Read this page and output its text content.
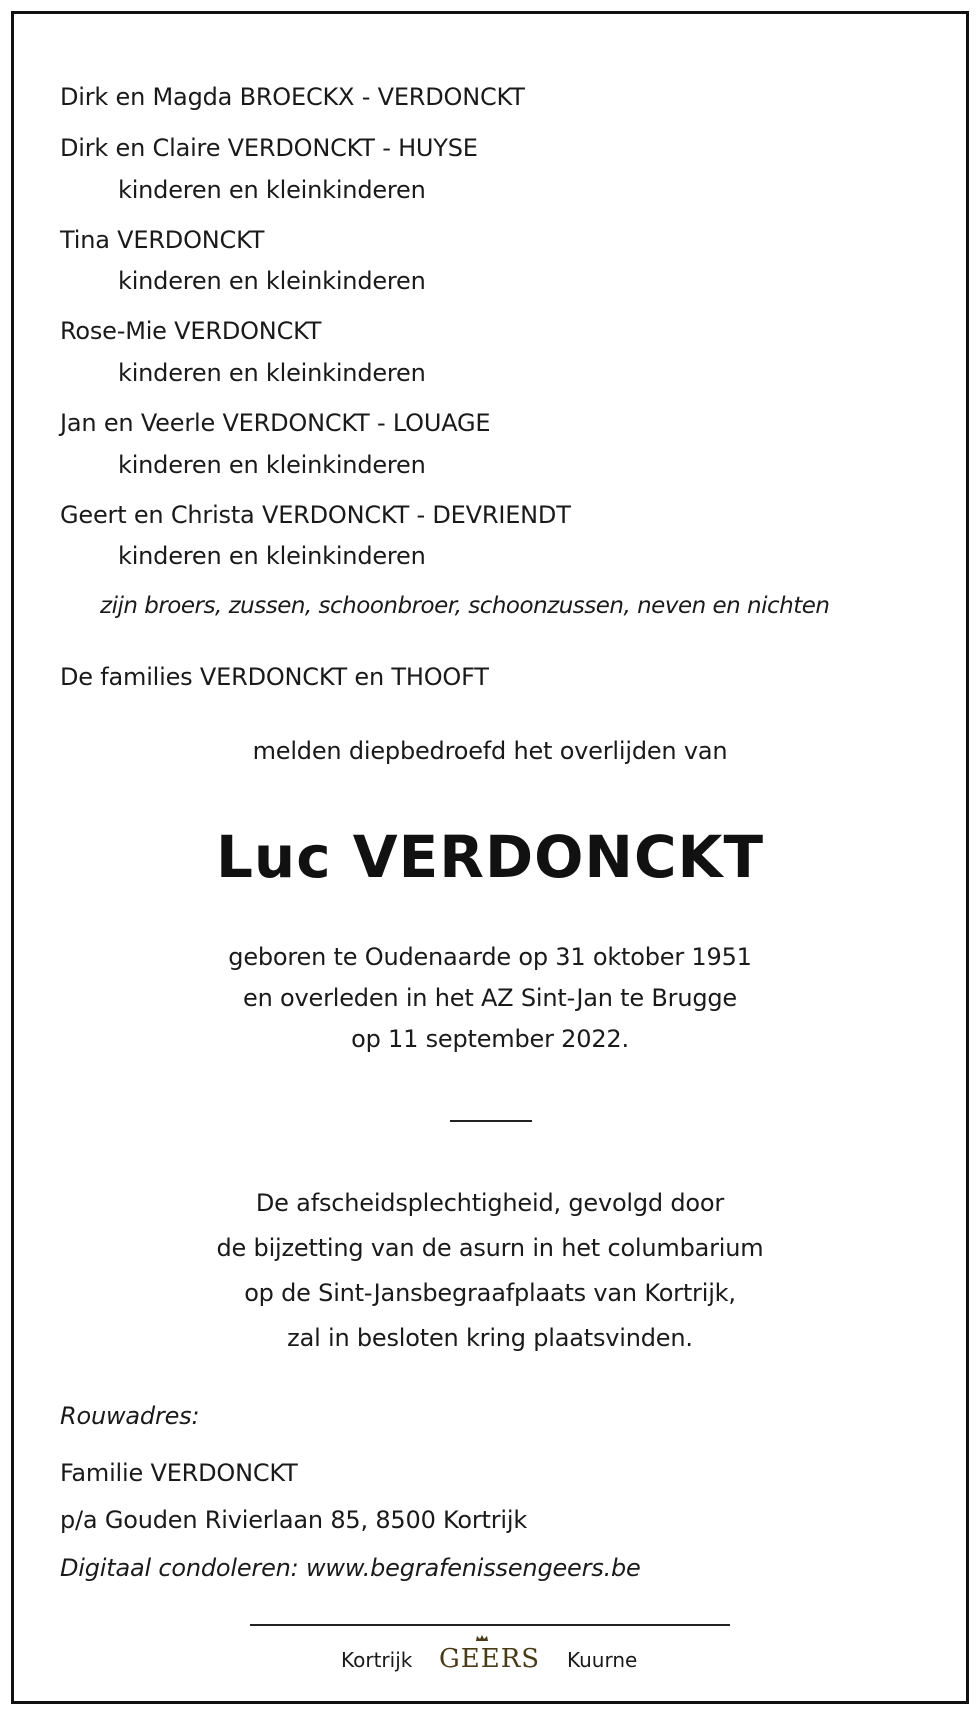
Dirk en Magda BROECKX - VERDONCKT
Dirk en Claire VERDONCKT - HUYSE
kinderen en kleinkinderen
Tina VERDONCKT
kinderen en kleinkinderen
Rose-Mie VERDONCKT
kinderen en kleinkinderen
Jan en Veerle VERDONCKT - LOUAGE
kinderen en kleinkinderen
Geert en Christa VERDONCKT - DEVRIENDT
kinderen en kleinkinderen
zijn broers, zussen, schoonbroer, schoonzussen, neven en nichten
De families VERDONCKT en THOOFT
melden diepbedroefd het overlijden van
Luc VERDONCKT
geboren te Oudenaarde op 31 oktober 1951
en overleden in het AZ Sint-Jan te Brugge
op 11 september 2022.
De afscheidsplechtigheid, gevolgd door
de bijzetting van de asurn in het columbarium
op de Sint-Jansbegraafplaats van Kortrijk,
zal in besloten kring plaatsvinden.
Rouwadres:
Familie VERDONCKT
p/a Gouden Rivierlaan 85, 8500 Kortrijk
Digitaal condoleren: www.begrafenissengeers.be
Kortrijk GEERS Kuurne
